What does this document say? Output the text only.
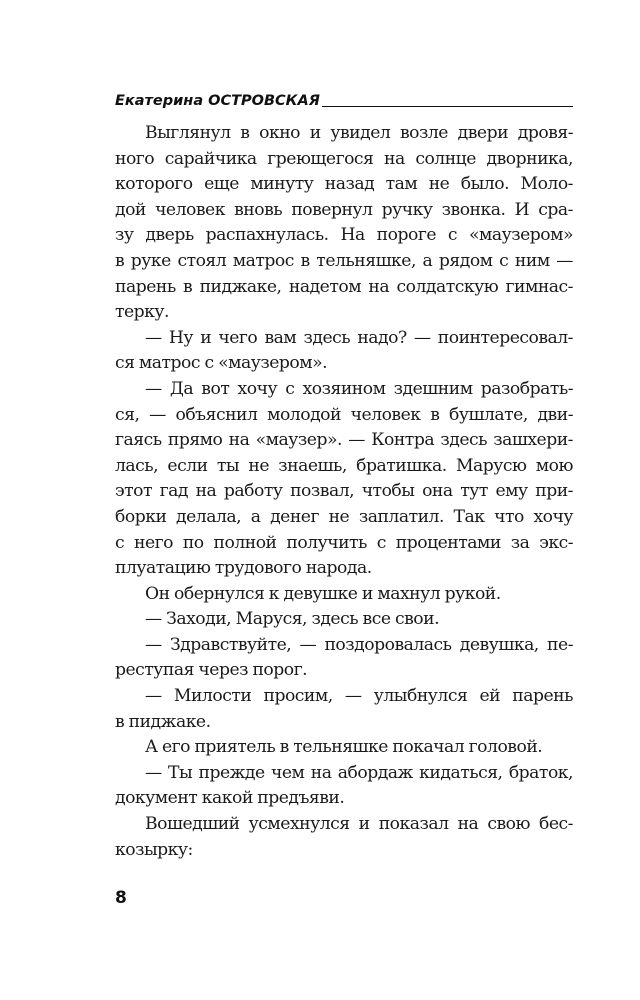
Екатерина ОСТРОВСКАЯ
Выглянул в окно и увидел возле двери дровя-
ного сарайчика греющегося на солнце дворника,
которого еще минуту назад там не было. Моло-
дой человек вновь повернул ручку звонка. И сра-
зу дверь распахнулась. На пороге с «маузером»
в руке стоял матрос в тельняшке, а рядом с ним —
парень в пиджаке, надетом на солдатскую гимнас-
терку.
— Ну и чего вам здесь надо? — поинтересовал-
ся матрос с «маузером».
— Да вот хочу с хозяином здешним разобрать-
ся, — объяснил молодой человек в бушлате, дви-
гаясь прямо на «маузер». — Контра здесь зашхери-
лась, если ты не знаешь, братишка. Марусю мою
этот гад на работу позвал, чтобы она тут ему при-
борки делала, а денег не заплатил. Так что хочу
с него по полной получить с процентами за экс-
плуатацию трудового народа.
Он обернулся к девушке и махнул рукой.
— Заходи, Маруся, здесь все свои.
— Здравствуйте, — поздоровалась девушка, пе-
реступая через порог.
— Милости просим, — улыбнулся ей парень
в пиджаке.
А его приятель в тельняшке покачал головой.
— Ты прежде чем на абордаж кидаться, браток,
документ какой предъяви.
Вошедший усмехнулся и показал на свою бес-
козырку:
8
